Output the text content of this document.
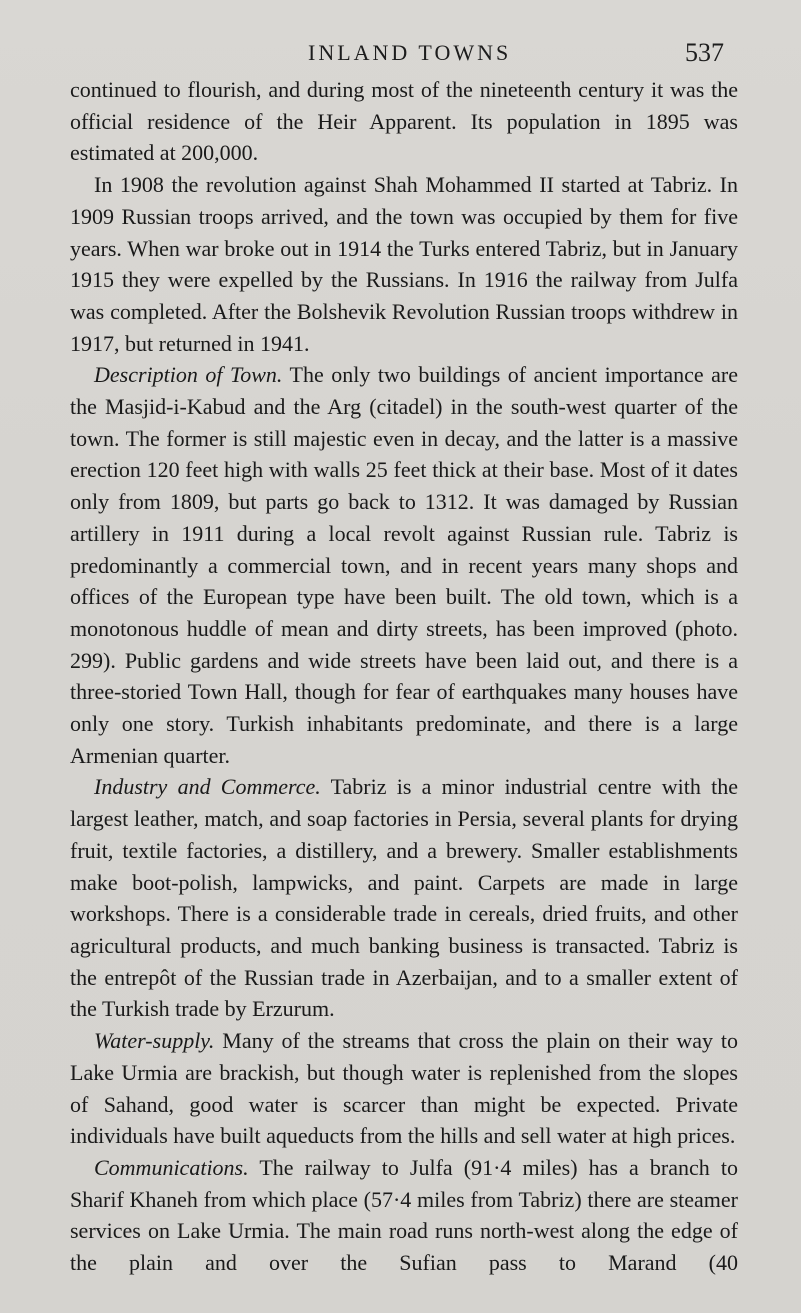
INLAND TOWNS	537

continued to flourish, and during most of the nineteenth century it was the official residence of the Heir Apparent. Its population in 1895 was estimated at 200,000.

In 1908 the revolution against Shah Mohammed II started at Tabriz. In 1909 Russian troops arrived, and the town was occupied by them for five years. When war broke out in 1914 the Turks entered Tabriz, but in January 1915 they were expelled by the Russians. In 1916 the railway from Julfa was completed. After the Bolshevik Revolution Russian troops withdrew in 1917, but returned in 1941.

Description of Town. The only two buildings of ancient importance are the Masjid-i-Kabud and the Arg (citadel) in the south-west quarter of the town. The former is still majestic even in decay, and the latter is a massive erection 120 feet high with walls 25 feet thick at their base. Most of it dates only from 1809, but parts go back to 1312. It was damaged by Russian artillery in 1911 during a local revolt against Russian rule. Tabriz is predominantly a commercial town, and in recent years many shops and offices of the European type have been built. The old town, which is a monotonous huddle of mean and dirty streets, has been improved (photo. 299). Public gardens and wide streets have been laid out, and there is a three-storied Town Hall, though for fear of earthquakes many houses have only one story. Turkish inhabitants predominate, and there is a large Armenian quarter.

Industry and Commerce. Tabriz is a minor industrial centre with the largest leather, match, and soap factories in Persia, several plants for drying fruit, textile factories, a distillery, and a brewery. Smaller establishments make boot-polish, lampwicks, and paint. Carpets are made in large workshops. There is a considerable trade in cereals, dried fruits, and other agricultural products, and much banking business is transacted. Tabriz is the entrepôt of the Russian trade in Azerbaijan, and to a smaller extent of the Turkish trade by Erzurum.

Water-supply. Many of the streams that cross the plain on their way to Lake Urmia are brackish, but though water is replenished from the slopes of Sahand, good water is scarcer than might be expected. Private individuals have built aqueducts from the hills and sell water at high prices.

Communications. The railway to Julfa (91·4 miles) has a branch to Sharif Khaneh from which place (57·4 miles from Tabriz) there are steamer services on Lake Urmia. The main road runs north-west along the edge of the plain and over the Sufian pass to Marand (40
